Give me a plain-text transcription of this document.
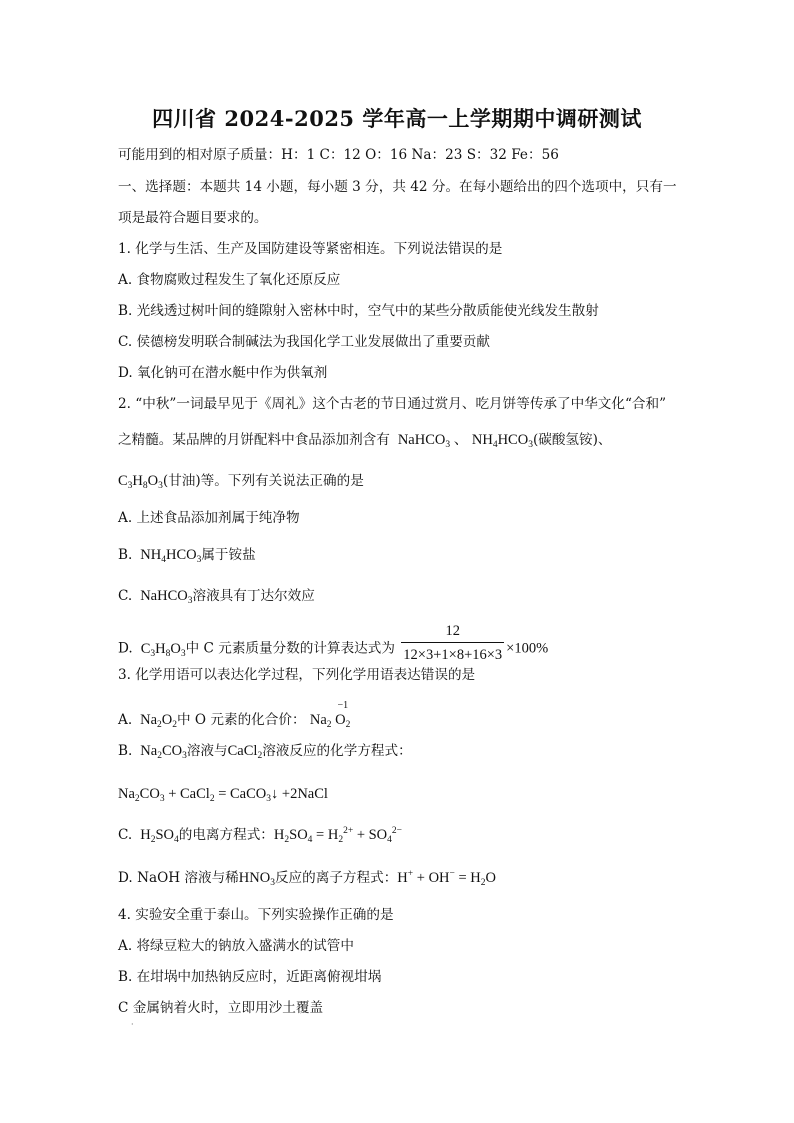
四川省 2024-2025 学年高一上学期期中调研测试
可能用到的相对原子质量：H：1 C：12 O：16 Na：23 S：32 Fe：56
一、选择题：本题共 14 小题，每小题 3 分，共 42 分。在每小题给出的四个选项中，只有一
项是最符合题目要求的。
1. 化学与生活、生产及国防建设等紧密相连。下列说法错误的是
A. 食物腐败过程发生了氧化还原反应
B. 光线透过树叶间的缝隙射入密林中时，空气中的某些分散质能使光线发生散射
C. 侯德榜发明联合制碱法为我国化学工业发展做出了重要贡献
D. 氧化钠可在潜水艇中作为供氧剂
2. “中秋”一词最早见于《周礼》这个古老的节日通过赏月、吃月饼等传承了中华文化“合和”
之精髓。某品牌的月饼配料中食品添加剂含有  NaHCO$_3$ 、 $NH_4HCO_3$(碳酸氢铵)、
$C_3H_8O_3$(甘油)等。下列有关说法正确的是
A. 上述食品添加剂属于纯净物
B.  $NH_4HCO_3$属于铵盐
C.  NaHCO$_3$溶液具有丁达尔效应
D.  $C_3H_8O_3$中 C 元素质量分数的计算表达式为 $\frac{12}{12\times 3+1\times 8+16\times 3} \times 100\%$
3. 化学用语可以表达化学过程，下列化学用语表达错误的是
A.  $Na_2O_2$中 O 元素的化合价： $Na_2$
−1
$O_2$
B.  $Na_2CO_3$溶液与CaCl$_2$溶液反应的化学方程式：
$Na_2CO_3$ + CaCl$_2$ = CaCO$_3$↓ +2NaCl
C.  $H_2SO_4$的电离方程式：$H_2SO_4 = H_2^{2+} + SO_4^{2-}$
D. NaOH 溶液与稀$HNO_3$反应的离子方程式：$H^+ + OH^- = H_2O$
4. 实验安全重于泰山。下列实验操作正确的是
A. 将绿豆粒大的钠放入盛满水的试管中
B. 在坩埚中加热钠反应时，近距离俯视坩埚
C 金属钠着火时，立即用沙土覆盖
·
